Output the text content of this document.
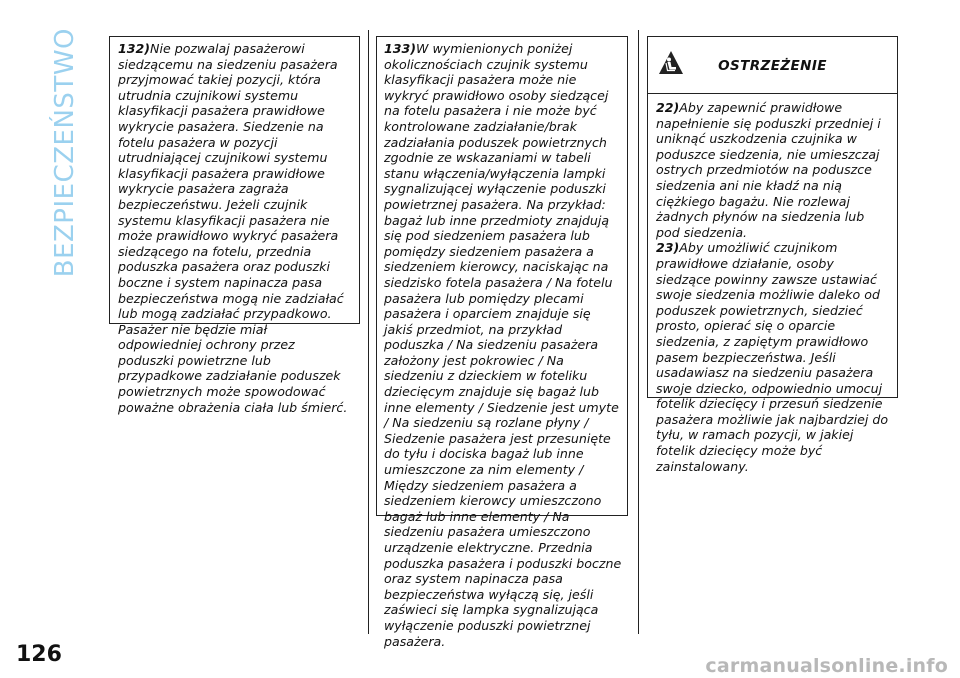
BEZPIECZEŃSTWO	132)Nie pozwalaj pasażerowi siedzącemu na siedzeniu pasażera przyjmować takiej pozycji, która utrudnia czujnikowi systemu klasyfikacji pasażera prawidłowe wykrycie pasażera. Siedzenie na fotelu pasażera w pozycji utrudniającej czujnikowi systemu klasyfikacji pasażera prawidłowe wykrycie pasażera zagraża bezpieczeństwu. Jeżeli czujnik systemu klasyfikacji pasażera nie może prawidłowo wykryć pasażera siedzącego na fotelu, przednia poduszka pasażera oraz poduszki boczne i system napinacza pasa bezpieczeństwa mogą nie zadziałać lub mogą zadziałać przypadkowo. Pasażer nie będzie miał odpowiedniej ochrony przez poduszki powietrzne lub przypadkowe zadziałanie poduszek powietrznych może spowodować poważne obrażenia ciała lub śmierć.

133)W wymienionych poniżej okolicznościach czujnik systemu klasyfikacji pasażera może nie wykryć prawidłowo osoby siedzącej na fotelu pasażera i nie może być kontrolowane zadziałanie/brak zadziałania poduszek powietrznych zgodnie ze wskazaniami w tabeli stanu włączenia/wyłączenia lampki sygnalizującej wyłączenie poduszki powietrznej pasażera. Na przykład: bagaż lub inne przedmioty znajdują się pod siedzeniem pasażera lub pomiędzy siedzeniem pasażera a siedzeniem kierowcy, naciskając na siedzisko fotela pasażera / Na fotelu pasażera lub pomiędzy plecami pasażera i oparciem znajduje się jakiś przedmiot, na przykład poduszka / Na siedzeniu pasażera założony jest pokrowiec / Na siedzeniu z dzieckiem w foteliku dziecięcym znajduje się bagaż lub inne elementy / Siedzenie jest umyte / Na siedzeniu są rozlane płyny / Siedzenie pasażera jest przesunięte do tyłu i dociska bagaż lub inne umieszczone za nim elementy / Między siedzeniem pasażera a siedzeniem kierowcy umieszczono bagaż lub inne elementy / Na siedzeniu pasażera umieszczono urządzenie elektryczne. Przednia poduszka pasażera i poduszki boczne oraz system napinacza pasa bezpieczeństwa wyłączą się, jeśli zaświeci się lampka sygnalizująca wyłączenie poduszki powietrznej pasażera.

OSTRZEŻENIE

22)Aby zapewnić prawidłowe napełnienie się poduszki przedniej i uniknąć uszkodzenia czujnika w poduszce siedzenia, nie umieszczaj ostrych przedmiotów na poduszce siedzenia ani nie kładź na nią ciężkiego bagażu. Nie rozlewaj żadnych płynów na siedzenia lub pod siedzenia.

23)Aby umożliwić czujnikom prawidłowe działanie, osoby siedzące powinny zawsze ustawiać swoje siedzenia możliwie daleko od poduszek powietrznych, siedzieć prosto, opierać się o oparcie siedzenia, z zapiętym prawidłowo pasem bezpieczeństwa. Jeśli usadawiasz na siedzeniu pasażera swoje dziecko, odpowiednio umocuj fotelik dziecięcy i przesuń siedzenie pasażera możliwie jak najbardziej do tyłu, w ramach pozycji, w jakiej fotelik dziecięcy może być zainstalowany.

126	carmanualsonline.info
